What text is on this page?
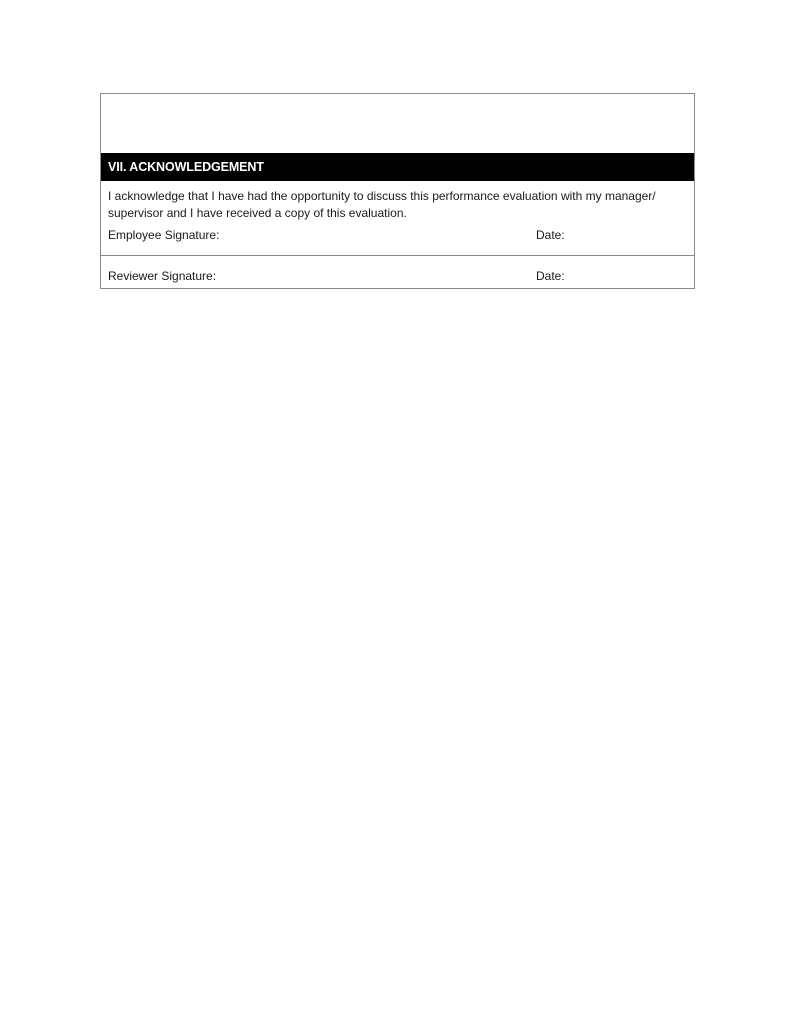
VII. ACKNOWLEDGEMENT

I acknowledge that I have had the opportunity to discuss this performance evaluation with my manager/
supervisor and I have received a copy of this evaluation.

Employee Signature:	Date:
Reviewer Signature:	Date:
